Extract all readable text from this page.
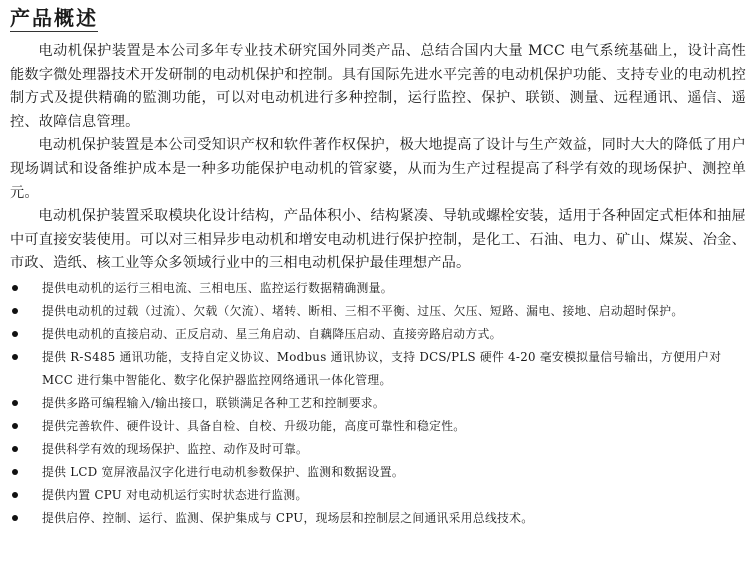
产品概述

电动机保护装置是本公司多年专业技术研究国外同类产品、总结合国内大量 MCC 电气系统基础上，设计高性能数字微处理器技术开发研制的电动机保护和控制。具有国际先进水平完善的电动机保护功能、支持专业的电动机控制方式及提供精确的監測功能，可以对电动机进行多种控制，运行监控、保护、联锁、测量、远程通讯、遥信、遥控、故障信息管理。

电动机保护装置是本公司受知识产权和软件著作权保护，极大地提高了设计与生产效益，同时大大的降低了用户现场调试和设备维护成本是一种多功能保护电动机的管家婆，从而为生产过程提高了科学有效的现场保护、测控单元。

电动机保护装置采取模块化设计结构，产品体积小、结构紧凑、导轨或螺栓安装，适用于各种固定式柜体和抽屉中可直接安装使用。可以对三相异步电动机和增安电动机进行保护控制，是化工、石油、电力、矿山、煤炭、冶金、市政、造纸、核工业等众多领域行业中的三相电动机保护最佳理想产品。

提供电动机的运行三相电流、三相电压、监控运行数据精确测量。
提供电动机的过载（过流）、欠载（欠流）、堵转、断相、三相不平衡、过压、欠压、短路、漏电、接地、启动超时保护。
提供电动机的直接启动、正反启动、星三角启动、自藕降压启动、直接旁路启动方式。
提供 R-S485 通讯功能，支持自定义协议、Modbus 通讯协议，支持 DCS/PLS 硬件 4-20 毫安模拟量信号输出，方便用户对 MCC 进行集中智能化、数字化保护器监控网络通讯一体化管理。
提供多路可编程输入/输出接口，联锁满足各种工艺和控制要求。
提供完善软件、硬件设计、具备自检、自校、升级功能，高度可靠性和稳定性。
提供科学有效的现场保护、监控、动作及时可靠。
提供 LCD 宽屏液晶汉字化进行电动机参数保护、监测和数据设置。
提供内置 CPU 对电动机运行实时状态进行监测。
提供启停、控制、运行、监测、保护集成与 CPU，现场层和控制层之间通讯采用总线技术。
